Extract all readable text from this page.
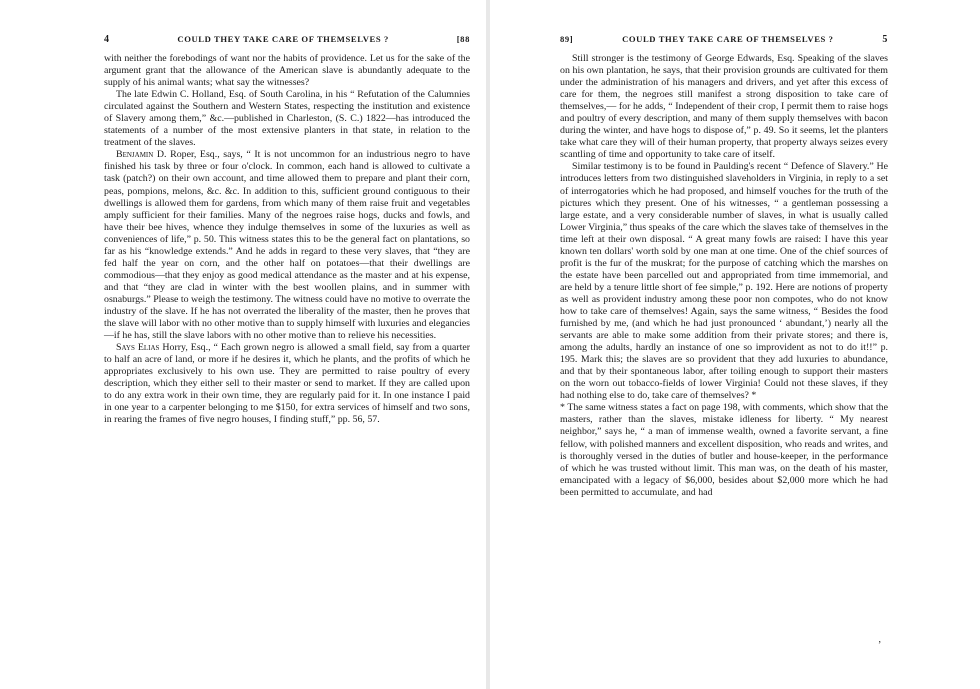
4	COULD THEY TAKE CARE OF THEMSELVES ?	[88

with neither the forebodings of want nor the habits of providence. Let us for the sake of the argument grant that the allowance of the American slave is abundantly adequate to the supply of his animal wants; what say the witnesses?

The late Edwin C. Holland, Esq. of South Carolina, in his “ Refutation of the Calumnies circulated against the Southern and Western States, respecting the institution and existence of Slavery among them,” &c.—published in Charleston, (S. C.) 1822—has introduced the statements of a number of the most extensive planters in that state, in relation to the treatment of the slaves.

Benjamin D. Roper, Esq., says, “ It is not uncommon for an industrious negro to have finished his task by three or four o'clock. In common, each hand is allowed to cultivate a task (patch?) on their own account, and time allowed them to prepare and plant their corn, peas, pompions, melons, &c. &c. In addition to this, sufficient ground contiguous to their dwellings is allowed them for gardens, from which many of them raise fruit and vegetables amply sufficient for their families. Many of the negroes raise hogs, ducks and fowls, and have their bee hives, whence they indulge themselves in some of the luxuries as well as conveniences of life,” p. 50. This witness states this to be the general fact on plantations, so far as his “knowledge extends.” And he adds in regard to these very slaves, that “they are fed half the year on corn, and the other half on potatoes—that their dwellings are commodious—that they enjoy as good medical attendance as the master and at his expense, and that “they are clad in winter with the best woollen plains, and in summer with osnaburgs.” Please to weigh the testimony. The witness could have no motive to overrate the industry of the slave. If he has not overrated the liberality of the master, then he proves that the slave will labor with no other motive than to supply himself with luxuries and elegancies—if he has, still the slave labors with no other motive than to relieve his necessities.

Says Elias Horry, Esq., “ Each grown negro is allowed a small field, say from a quarter to half an acre of land, or more if he desires it, which he plants, and the profits of which he appropriates exclusively to his own use. They are permitted to raise poultry of every description, which they either sell to their master or send to market. If they are called upon to do any extra work in their own time, they are regularly paid for it. In one instance I paid in one year to a carpenter belonging to me $150, for extra services of himself and two sons, in rearing the frames of five negro houses, I finding stuff,” pp. 56, 57.

89]	COULD THEY TAKE CARE OF THEMSELVES ?	5

Still stronger is the testimony of George Edwards, Esq. Speaking of the slaves on his own plantation, he says, that their provision grounds are cultivated for them under the administration of his managers and drivers, and yet after this excess of care for them, the negroes still manifest a strong disposition to take care of themselves,— for he adds, “ Independent of their crop, I permit them to raise hogs and poultry of every description, and many of them supply themselves with bacon during the winter, and have hogs to dispose of,” p. 49. So it seems, let the planters take what care they will of their human property, that property always seizes every scantling of time and opportunity to take care of itself.

Similar testimony is to be found in Paulding's recent “ Defence of Slavery.” He introduces letters from two distinguished slaveholders in Virginia, in reply to a set of interrogatories which he had proposed, and himself vouches for the truth of the pictures which they present. One of his witnesses, “ a gentleman possessing a large estate, and a very considerable number of slaves, in what is usually called Lower Virginia,” thus speaks of the care which the slaves take of themselves in the time left at their own disposal. “ A great many fowls are raised: I have this year known ten dollars' worth sold by one man at one time. One of the chief sources of profit is the fur of the muskrat; for the purpose of catching which the marshes on the estate have been parcelled out and appropriated from time immemorial, and are held by a tenure little short of fee simple,” p. 192. Here are notions of property as well as provident industry among these poor non compotes, who do not know how to take care of themselves! Again, says the same witness, “ Besides the food furnished by me, (and which he had just pronounced ‘ abundant,’) nearly all the servants are able to make some addition from their private stores; and there is, among the adults, hardly an instance of one so improvident as not to do it!!” p. 195. Mark this; the slaves are so provident that they add luxuries to abundance, and that by their spontaneous labor, after toiling enough to support their masters on the worn out tobacco-fields of lower Virginia! Could not these slaves, if they had nothing else to do, take care of themselves? *

* The same witness states a fact on page 198, with comments, which show that the masters, rather than the slaves, mistake idleness for liberty. “ My nearest neighbor,” says he, “ a man of immense wealth, owned a favorite servant, a fine fellow, with polished manners and excellent disposition, who reads and writes, and is thoroughly versed in the duties of butler and house-keeper, in the performance of which he was trusted without limit. This man was, on the death of his master, emancipated with a legacy of $6,000, besides about $2,000 more which he had been permitted to accumulate, and had

’
